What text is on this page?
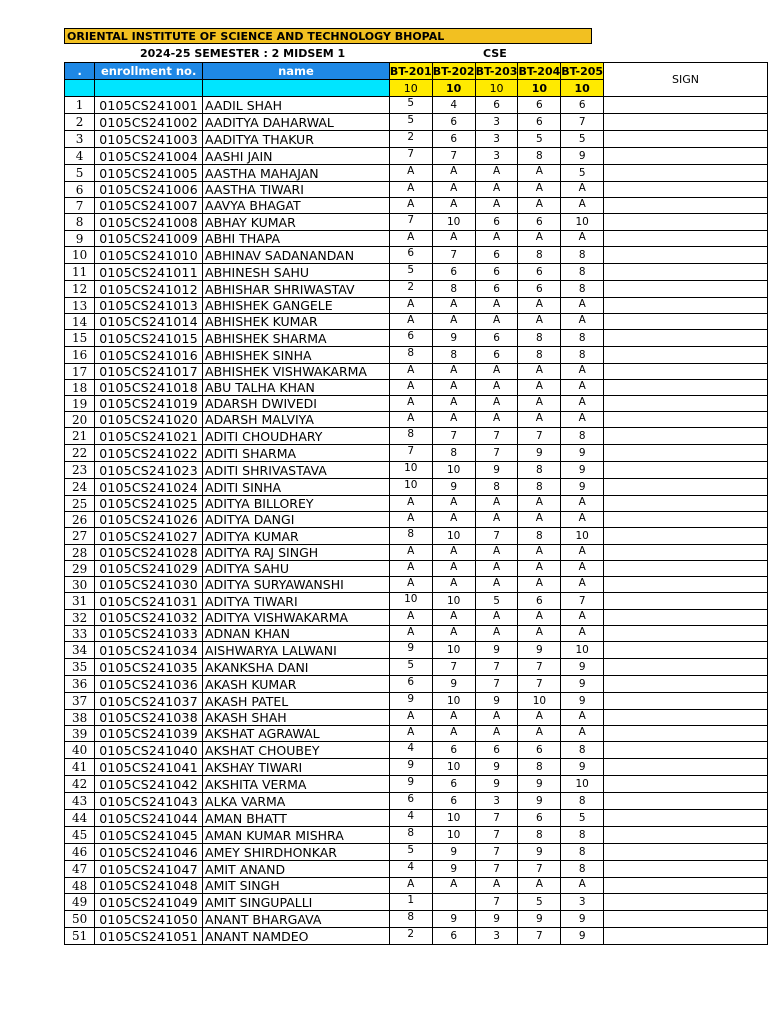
ORIENTAL INSTITUTE OF SCIENCE AND TECHNOLOGY BHOPAL
2024-25 SEMESTER : 2 MIDSEM 1	CSE
.	enrollment no.	name	BT-201	BT-202	BT-203	BT-204	BT-205	SIGN
			10	10	10	10	10	
1	0105CS241001	AADIL SHAH	5	4	6	6	6	
2	0105CS241002	AADITYA DAHARWAL	5	6	3	6	7	
3	0105CS241003	AADITYA THAKUR	2	6	3	5	5	
4	0105CS241004	AASHI JAIN	7	7	3	8	9	
5	0105CS241005	AASTHA MAHAJAN	A	A	A	A	5	
6	0105CS241006	AASTHA TIWARI	A	A	A	A	A	
7	0105CS241007	AAVYA BHAGAT	A	A	A	A	A	
8	0105CS241008	ABHAY KUMAR	7	10	6	6	10	
9	0105CS241009	ABHI THAPA	A	A	A	A	A	
10	0105CS241010	ABHINAV SADANANDAN	6	7	6	8	8	
11	0105CS241011	ABHINESH SAHU	5	6	6	6	8	
12	0105CS241012	ABHISHAR SHRIWASTAV	2	8	6	6	8	
13	0105CS241013	ABHISHEK GANGELE	A	A	A	A	A	
14	0105CS241014	ABHISHEK KUMAR	A	A	A	A	A	
15	0105CS241015	ABHISHEK SHARMA	6	9	6	8	8	
16	0105CS241016	ABHISHEK SINHA	8	8	6	8	8	
17	0105CS241017	ABHISHEK VISHWAKARMA	A	A	A	A	A	
18	0105CS241018	ABU TALHA KHAN	A	A	A	A	A	
19	0105CS241019	ADARSH DWIVEDI	A	A	A	A	A	
20	0105CS241020	ADARSH MALVIYA	A	A	A	A	A	
21	0105CS241021	ADITI CHOUDHARY	8	7	7	7	8	
22	0105CS241022	ADITI SHARMA	7	8	7	9	9	
23	0105CS241023	ADITI SHRIVASTAVA	10	10	9	8	9	
24	0105CS241024	ADITI SINHA	10	9	8	8	9	
25	0105CS241025	ADITYA BILLOREY	A	A	A	A	A	
26	0105CS241026	ADITYA DANGI	A	A	A	A	A	
27	0105CS241027	ADITYA KUMAR	8	10	7	8	10	
28	0105CS241028	ADITYA RAJ SINGH	A	A	A	A	A	
29	0105CS241029	ADITYA SAHU	A	A	A	A	A	
30	0105CS241030	ADITYA SURYAWANSHI	A	A	A	A	A	
31	0105CS241031	ADITYA TIWARI	10	10	5	6	7	
32	0105CS241032	ADITYA VISHWAKARMA	A	A	A	A	A	
33	0105CS241033	ADNAN KHAN	A	A	A	A	A	
34	0105CS241034	AISHWARYA LALWANI	9	10	9	9	10	
35	0105CS241035	AKANKSHA DANI	5	7	7	7	9	
36	0105CS241036	AKASH KUMAR	6	9	7	7	9	
37	0105CS241037	AKASH PATEL	9	10	9	10	9	
38	0105CS241038	AKASH SHAH	A	A	A	A	A	
39	0105CS241039	AKSHAT AGRAWAL	A	A	A	A	A	
40	0105CS241040	AKSHAT CHOUBEY	4	6	6	6	8	
41	0105CS241041	AKSHAY TIWARI	9	10	9	8	9	
42	0105CS241042	AKSHITA VERMA	9	6	9	9	10	
43	0105CS241043	ALKA VARMA	6	6	3	9	8	
44	0105CS241044	AMAN BHATT	4	10	7	6	5	
45	0105CS241045	AMAN KUMAR MISHRA	8	10	7	8	8	
46	0105CS241046	AMEY SHIRDHONKAR	5	9	7	9	8	
47	0105CS241047	AMIT ANAND	4	9	7	7	8	
48	0105CS241048	AMIT SINGH	A	A	A	A	A	
49	0105CS241049	AMIT SINGUPALLI	1		7	5	3	
50	0105CS241050	ANANT BHARGAVA	8	9	9	9	9	
51	0105CS241051	ANANT NAMDEO	2	6	3	7	9	
